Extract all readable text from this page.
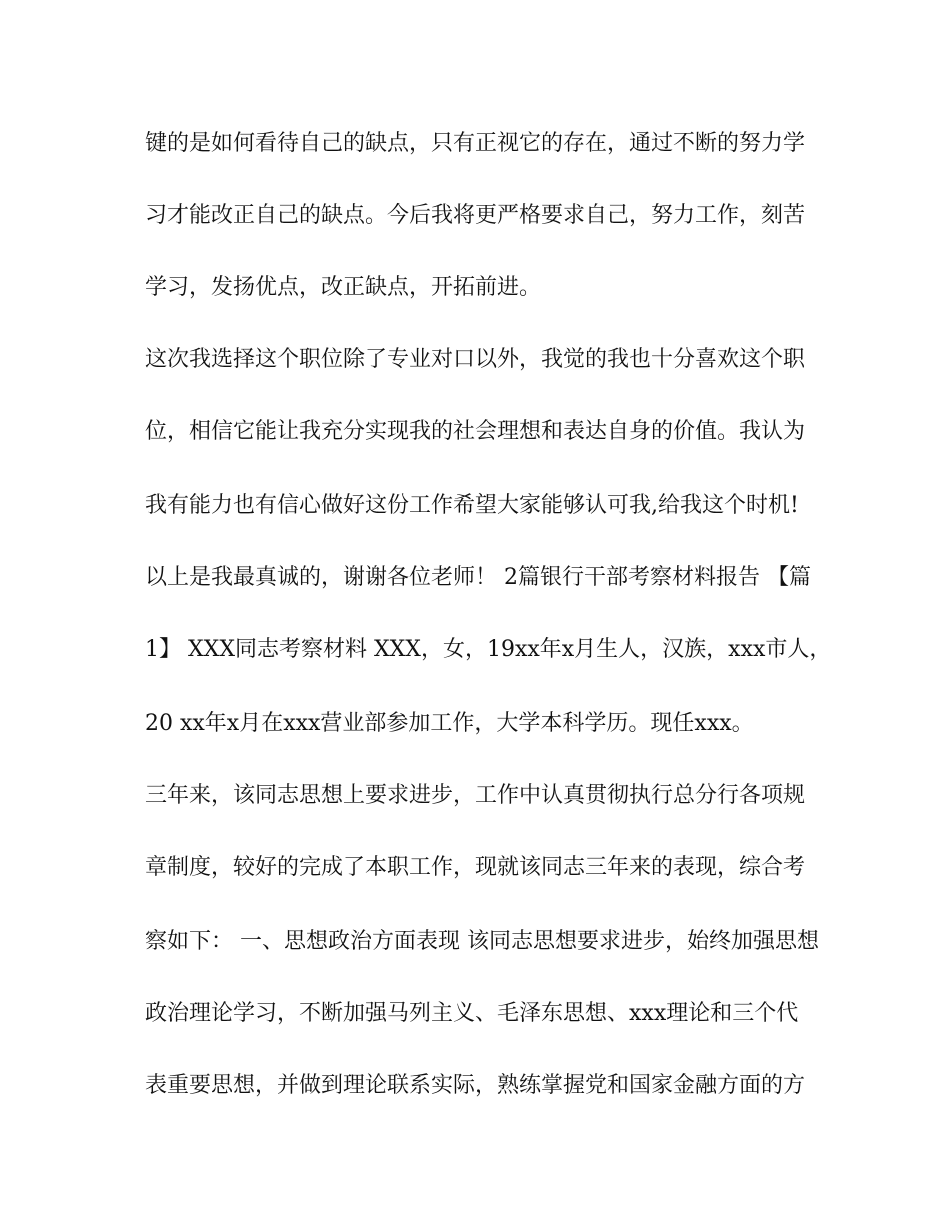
键的是如何看待自己的缺点，只有正视它的存在，通过不断的努力学
习才能改正自己的缺点。今后我将更严格要求自己，努力工作，刻苦
学习，发扬优点，改正缺点，开拓前进。
这次我选择这个职位除了专业对口以外，我觉的我也十分喜欢这个职
位，相信它能让我充分实现我的社会理想和表达自身的价值。我认为
我有能力也有信心做好这份工作希望大家能够认可我,给我这个时机!
以上是我最真诚的，谢谢各位老师！ 2篇银行干部考察材料报告 【篇
1】 XXX同志考察材料 XXX，女，19xx年x月生人，汉族，xxx市人，
20 xx年x月在xxx营业部参加工作，大学本科学历。现任xxx。
三年来，该同志思想上要求进步，工作中认真贯彻执行总分行各项规
章制度，较好的完成了本职工作，现就该同志三年来的表现，综合考
察如下： 一、思想政治方面表现 该同志思想要求进步，始终加强思想
政治理论学习，不断加强马列主义、毛泽东思想、xxx理论和三个代
表重要思想，并做到理论联系实际，熟练掌握党和国家金融方面的方
